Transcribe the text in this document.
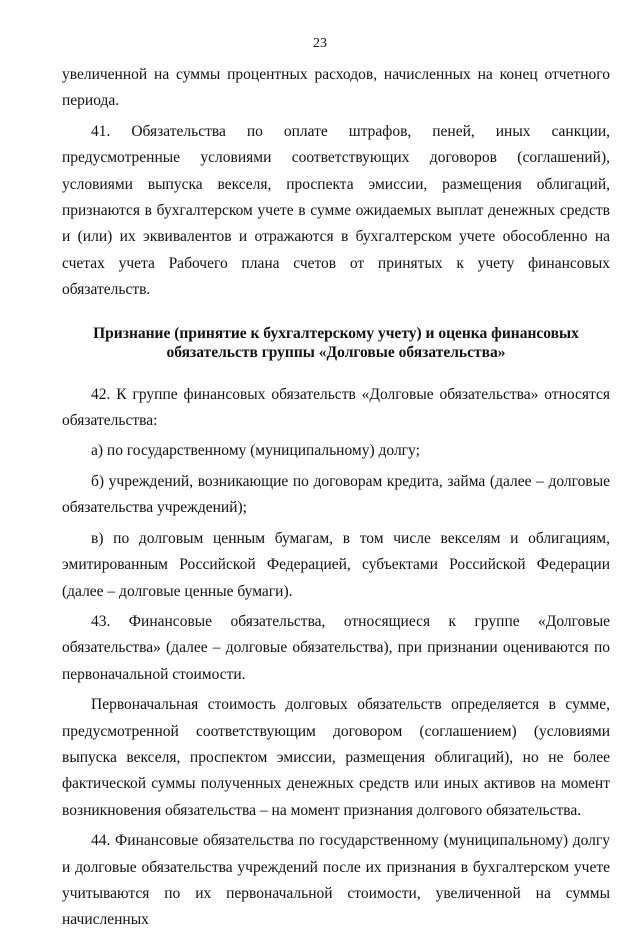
23

увеличенной на суммы процентных расходов, начисленных на конец отчетного периода.

41. Обязательства по оплате штрафов, пеней, иных санкции, предусмотренные условиями соответствующих договоров (соглашений), условиями выпуска векселя, проспекта эмиссии, размещения облигаций, признаются в бухгалтерском учете в сумме ожидаемых выплат денежных средств и (или) их эквивалентов и отражаются в бухгалтерском учете обособленно на счетах учета Рабочего плана счетов от принятых к учету финансовых обязательств.

Признание (принятие к бухгалтерскому учету) и оценка финансовых
обязательств группы «Долговые обязательства»

42. К группе финансовых обязательств «Долговые обязательства» относятся обязательства:

а) по государственному (муниципальному) долгу;

б) учреждений, возникающие по договорам кредита, займа (далее – долговые обязательства учреждений);

в) по долговым ценным бумагам, в том числе векселям и облигациям, эмитированным Российской Федерацией, субъектами Российской Федерации (далее – долговые ценные бумаги).

43. Финансовые обязательства, относящиеся к группе «Долговые обязательства» (далее – долговые обязательства), при признании оцениваются по первоначальной стоимости.

Первоначальная стоимость долговых обязательств определяется в сумме, предусмотренной соответствующим договором (соглашением) (условиями выпуска векселя, проспектом эмиссии, размещения облигаций), но не более фактической суммы полученных денежных средств или иных активов на момент возникновения обязательства – на момент признания долгового обязательства.

44. Финансовые обязательства по государственному (муниципальному) долгу и долговые обязательства учреждений после их признания в бухгалтерском учете учитываются по их первоначальной стоимости, увеличенной на суммы начисленных
